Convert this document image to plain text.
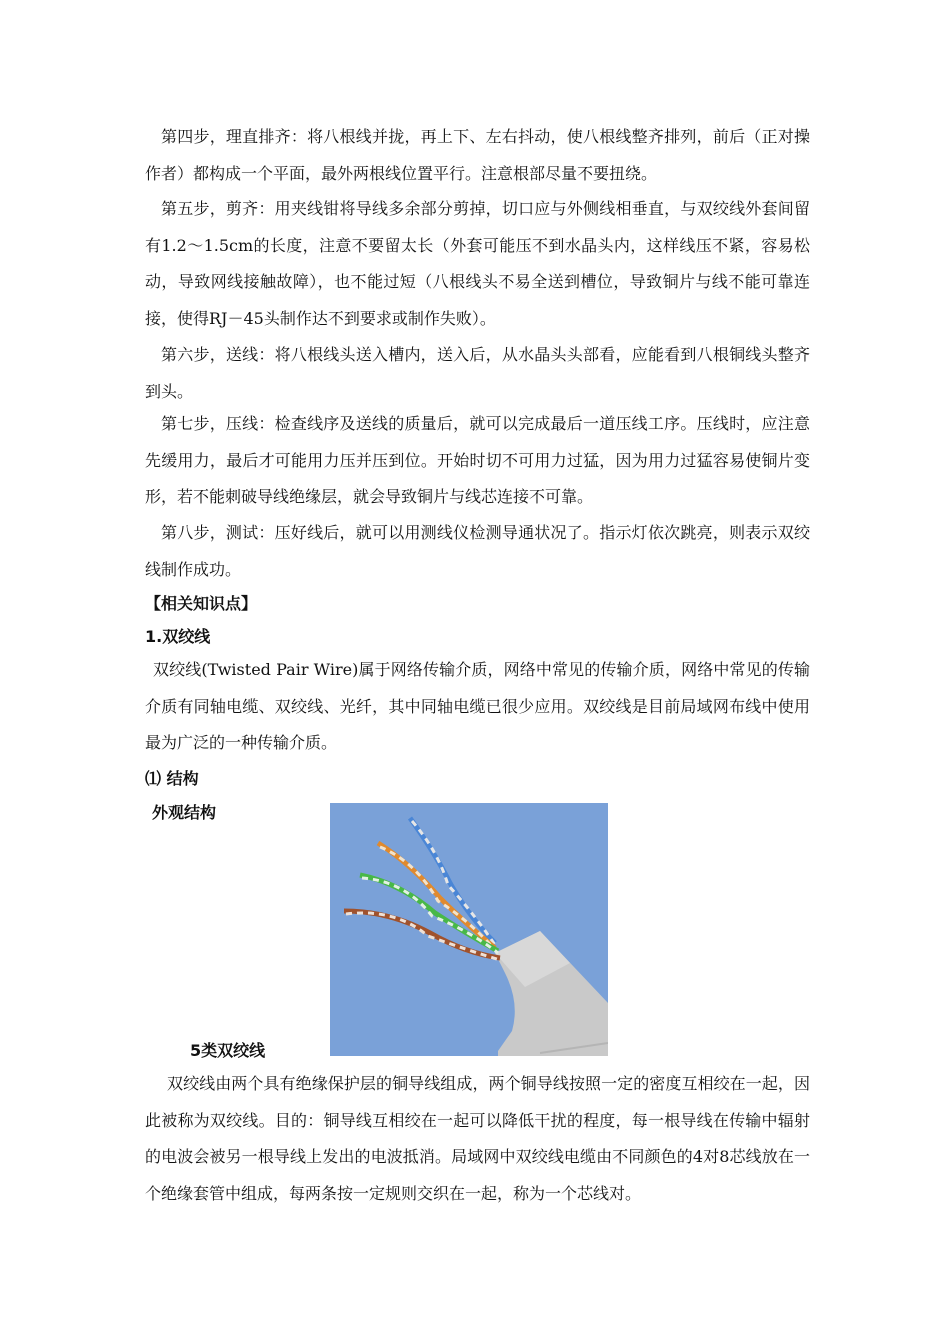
第四步，理直排齐：将八根线并拢，再上下、左右抖动，使八根线整齐排列，前后（正对操作者）都构成一个平面，最外两根线位置平行。注意根部尽量不要扭绕。

第五步，剪齐：用夹线钳将导线多余部分剪掉，切口应与外侧线相垂直，与双绞线外套间留有1.2～1.5cm的长度，注意不要留太长（外套可能压不到水晶头内，这样线压不紧，容易松动，导致网线接触故障），也不能过短（八根线头不易全送到槽位，导致铜片与线不能可靠连接，使得RJ－45头制作达不到要求或制作失败）。

第六步，送线：将八根线头送入槽内，送入后，从水晶头头部看，应能看到八根铜线头整齐到头。

第七步，压线：检查线序及送线的质量后，就可以完成最后一道压线工序。压线时，应注意先缓用力，最后才可能用力压并压到位。开始时切不可用力过猛，因为用力过猛容易使铜片变形，若不能刺破导线绝缘层，就会导致铜片与线芯连接不可靠。

第八步，测试：压好线后，就可以用测线仪检测导通状况了。指示灯依次跳亮，则表示双绞线制作成功。

【相关知识点】
1.双绞线

双绞线(Twisted Pair Wire)属于网络传输介质，网络中常见的传输介质，网络中常见的传输介质有同轴电缆、双绞线、光纤，其中同轴电缆已很少应用。双绞线是目前局域网布线中使用最为广泛的一种传输介质。

⑴ 结构
外观结构
5类双绞线

双绞线由两个具有绝缘保护层的铜导线组成，两个铜导线按照一定的密度互相绞在一起，因此被称为双绞线。目的：铜导线互相绞在一起可以降低干扰的程度，每一根导线在传输中辐射的电波会被另一根导线上发出的电波抵消。局域网中双绞线电缆由不同颜色的4对8芯线放在一个绝缘套管中组成，每两条按一定规则交织在一起，称为一个芯线对。
